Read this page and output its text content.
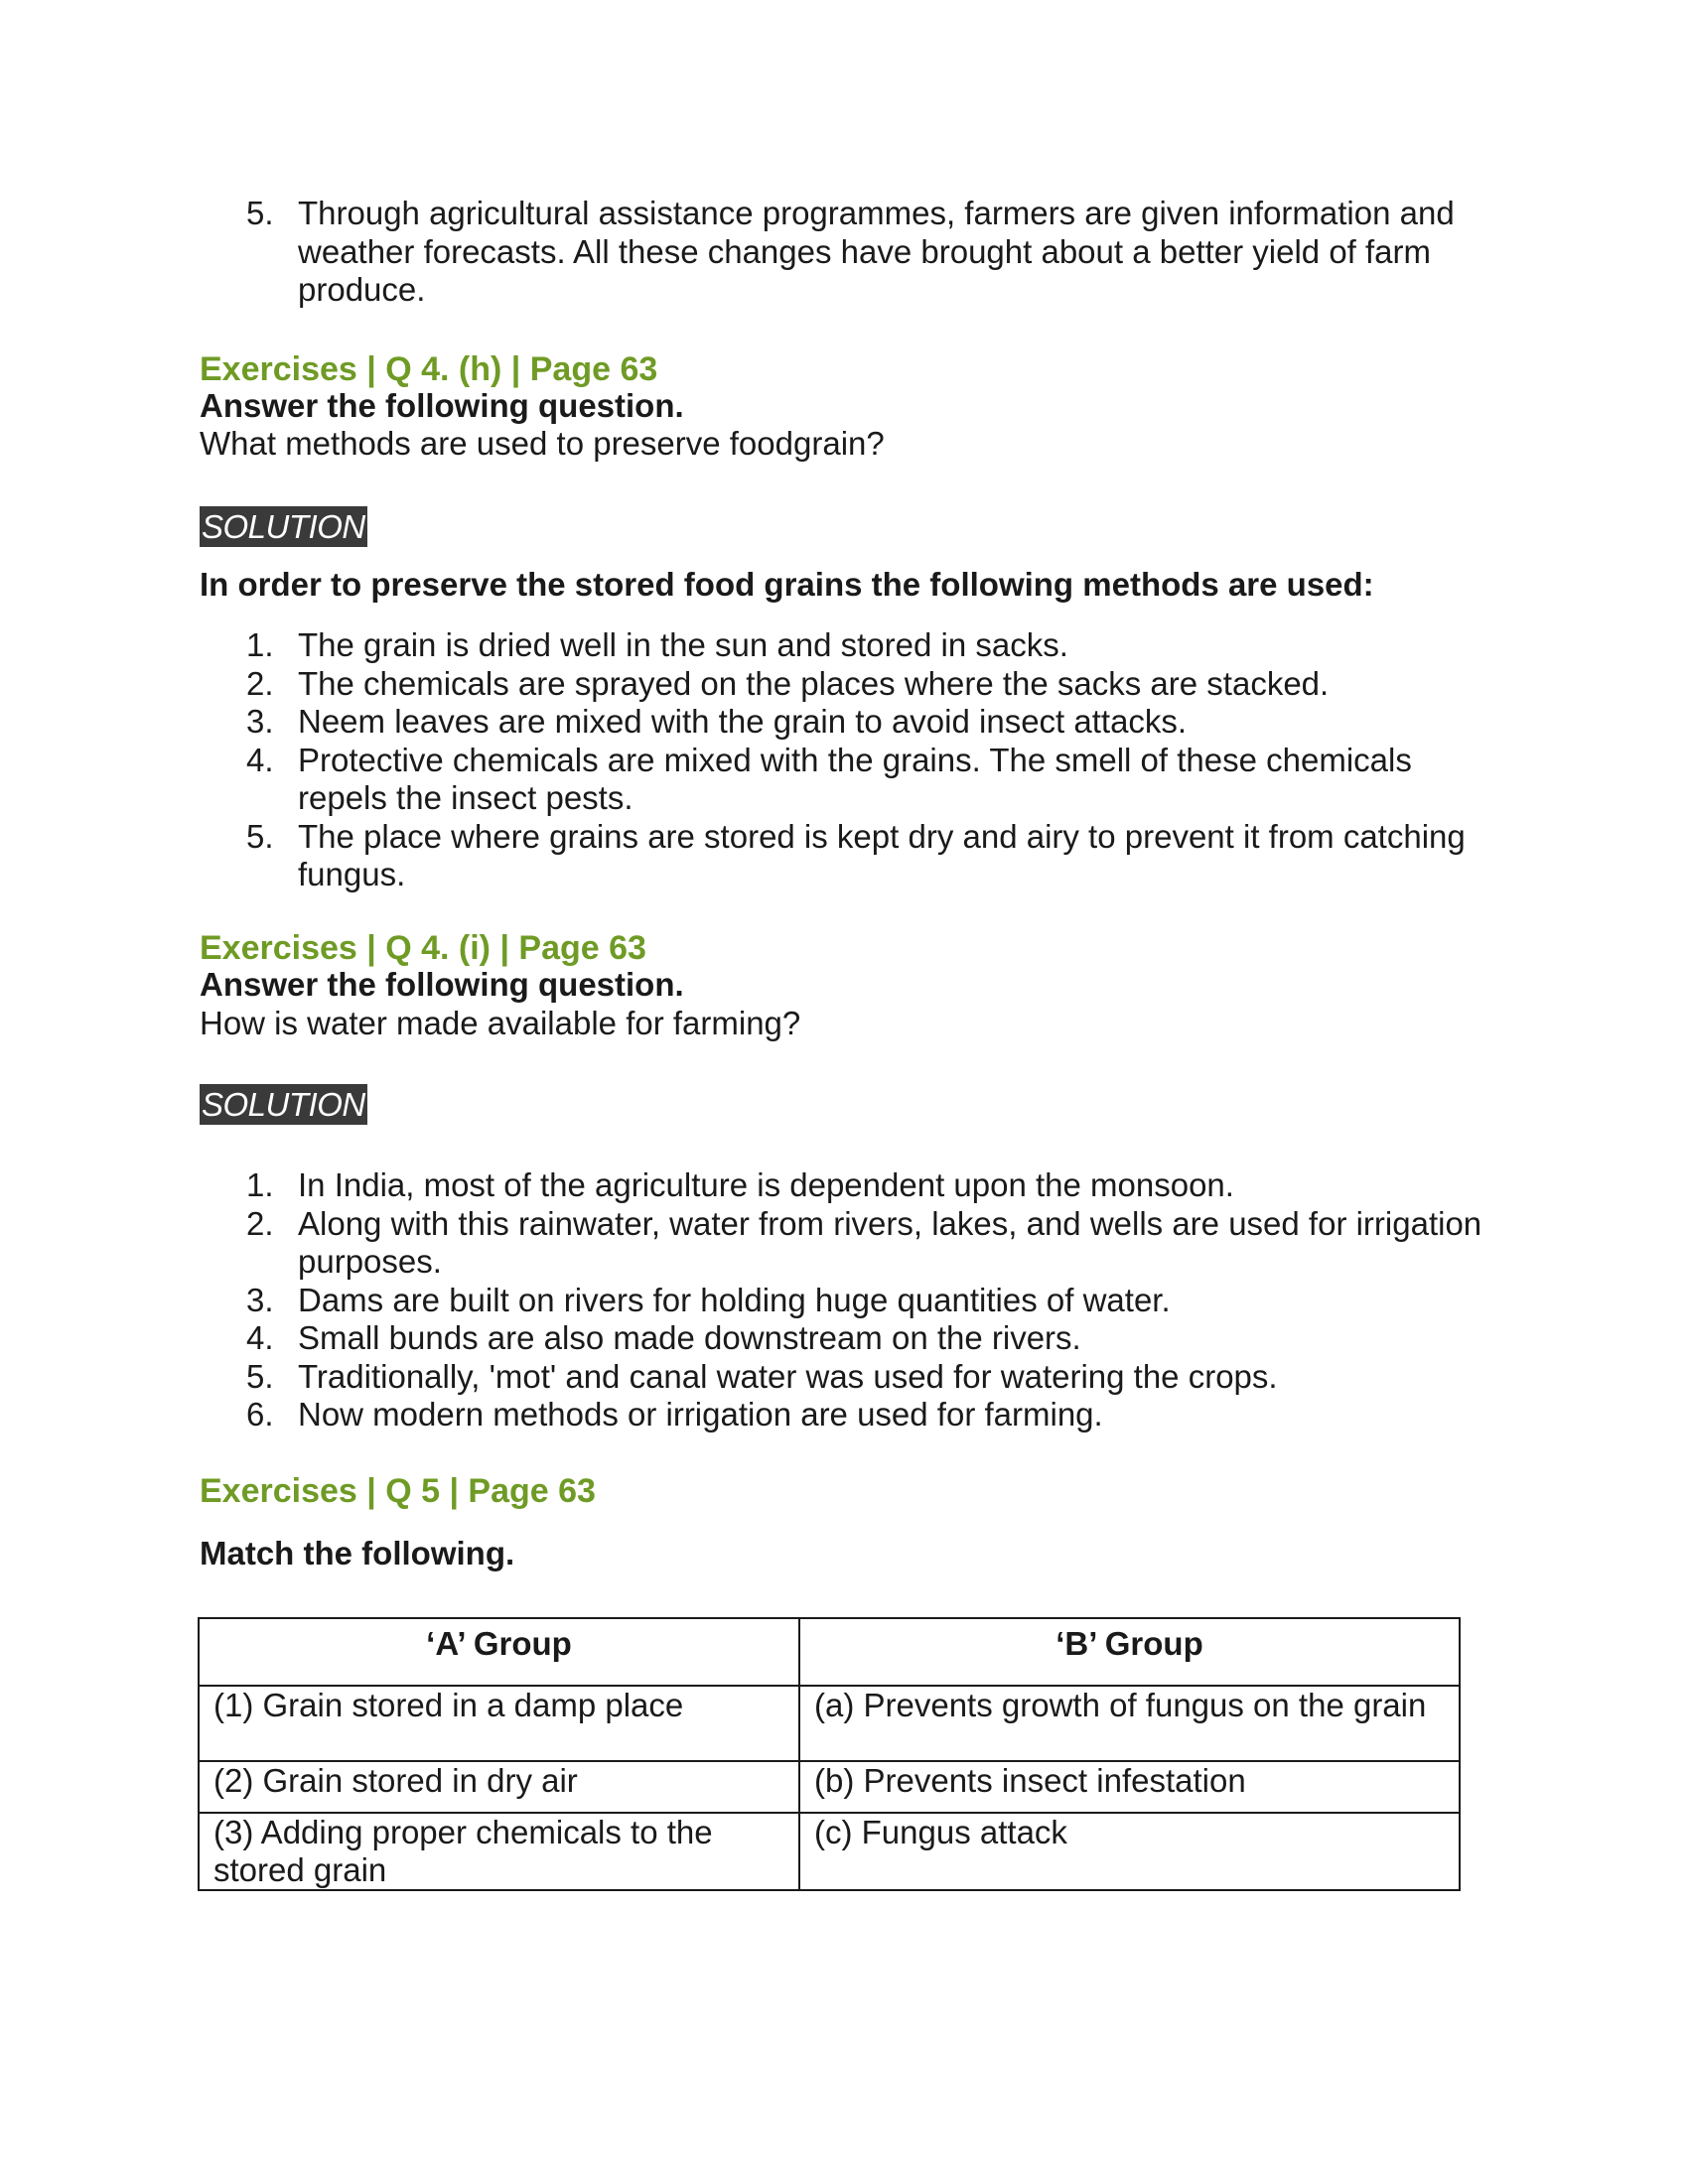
5. Through agricultural assistance programmes, farmers are given information and weather forecasts. All these changes have brought about a better yield of farm produce.
Exercises | Q 4. (h) | Page 63
Answer the following question.
What methods are used to preserve foodgrain?
SOLUTION
In order to preserve the stored food grains the following methods are used:
1. The grain is dried well in the sun and stored in sacks.
2. The chemicals are sprayed on the places where the sacks are stacked.
3. Neem leaves are mixed with the grain to avoid insect attacks.
4. Protective chemicals are mixed with the grains. The smell of these chemicals repels the insect pests.
5. The place where grains are stored is kept dry and airy to prevent it from catching fungus.
Exercises | Q 4. (i) | Page 63
Answer the following question.
How is water made available for farming?
SOLUTION
1. In India, most of the agriculture is dependent upon the monsoon.
2. Along with this rainwater, water from rivers, lakes, and wells are used for irrigation purposes.
3. Dams are built on rivers for holding huge quantities of water.
4. Small bunds are also made downstream on the rivers.
5. Traditionally, 'mot' and canal water was used for watering the crops.
6. Now modern methods or irrigation are used for farming.
Exercises | Q 5 | Page 63
Match the following.
‘A’ Group	‘B’ Group
(1) Grain stored in a damp place	(a) Prevents growth of fungus on the grain
(2) Grain stored in dry air	(b) Prevents insect infestation
(3) Adding proper chemicals to the stored grain	(c) Fungus attack
